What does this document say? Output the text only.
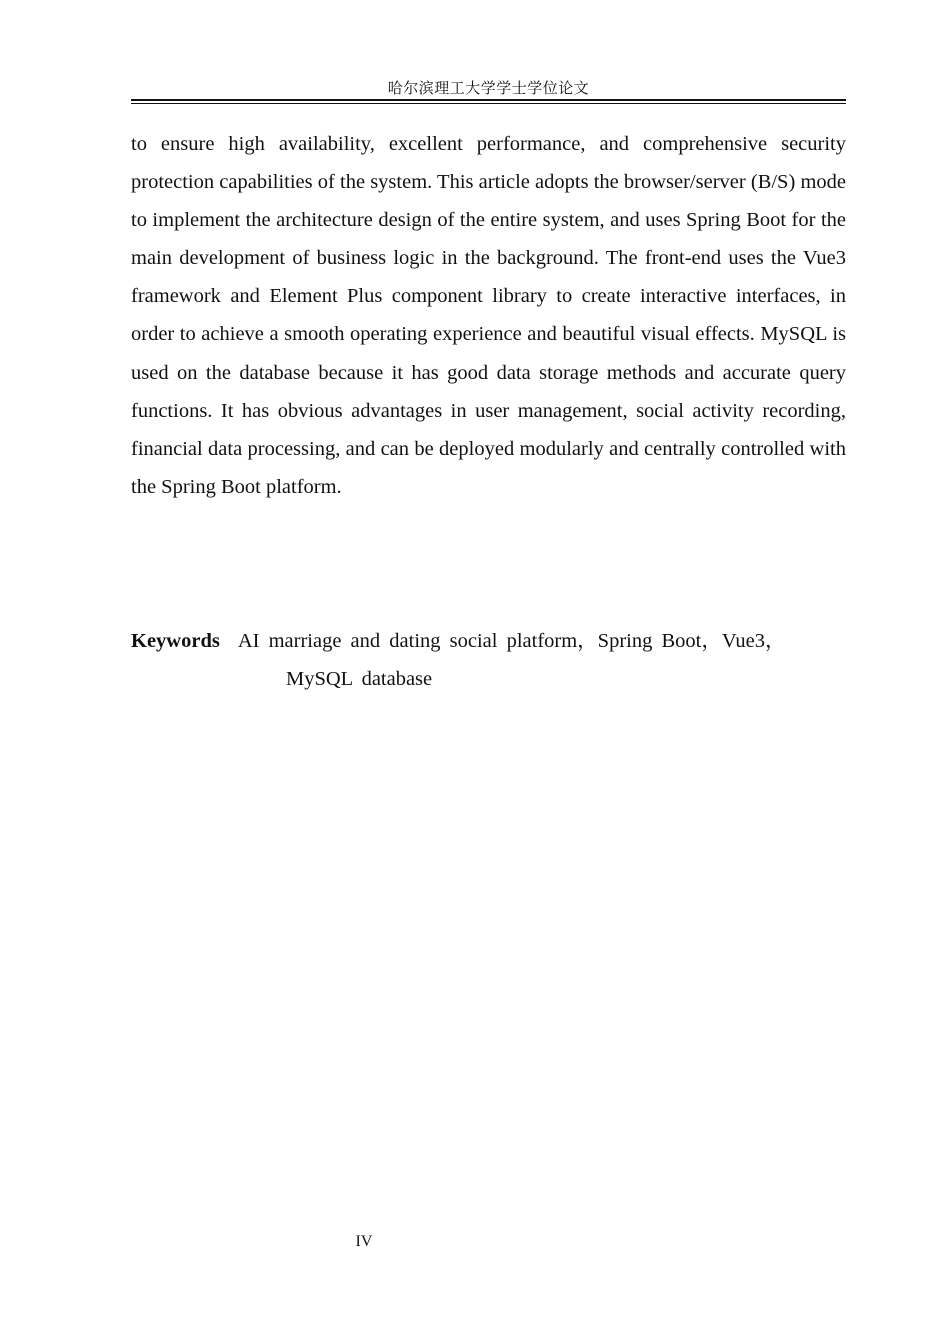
哈尔滨理工大学学士学位论文

to ensure high availability, excellent performance, and comprehensive security protection capabilities of the system. This article adopts the browser/server (B/S) mode to implement the architecture design of the entire system, and uses Spring Boot for the main development of business logic in the background. The front-end uses the Vue3 framework and Element Plus component library to create interactive interfaces, in order to achieve a smooth operating experience and beautiful visual effects. MySQL is used on the database because it has good data storage methods and accurate query functions. It has obvious advantages in user management, social activity recording, financial data processing, and can be deployed modularly and centrally controlled with the Spring Boot platform.

Keywords AI marriage and dating social platform，Spring Boot，Vue3，
MySQL database
IV
